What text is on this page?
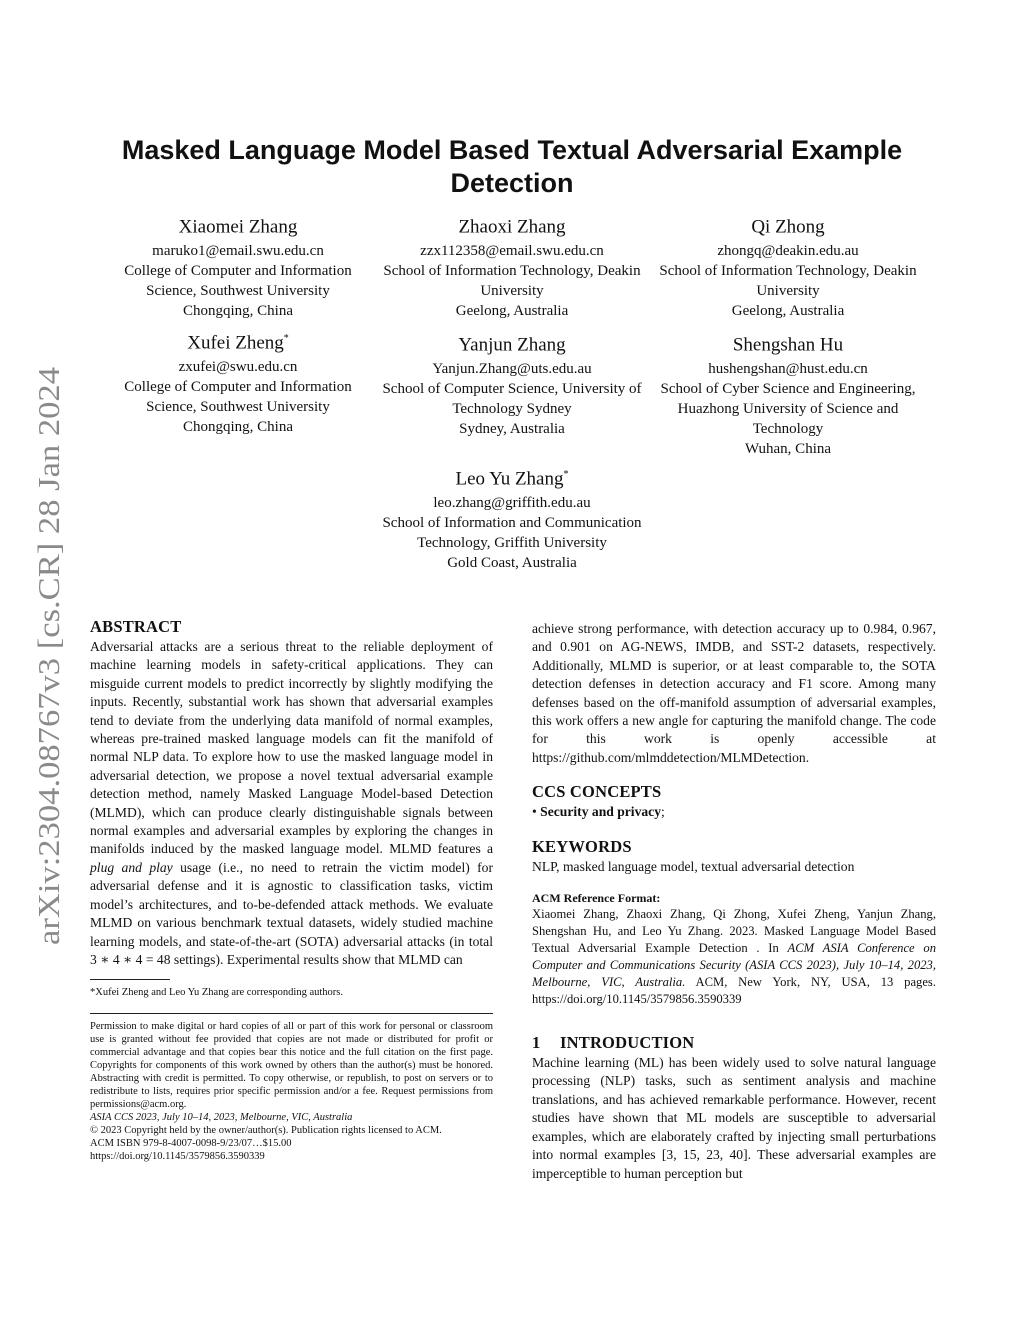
arXiv:2304.08767v3 [cs.CR] 28 Jan 2024
Masked Language Model Based Textual Adversarial Example Detection
Xiaomei Zhang
maruko1@email.swu.edu.cn
College of Computer and Information Science, Southwest University
Chongqing, China
Zhaoxi Zhang
zzx112358@email.swu.edu.cn
School of Information Technology, Deakin University
Geelong, Australia
Qi Zhong
zhongq@deakin.edu.au
School of Information Technology, Deakin University
Geelong, Australia
Xufei Zheng*
zxufei@swu.edu.cn
College of Computer and Information Science, Southwest University
Chongqing, China
Yanjun Zhang
Yanjun.Zhang@uts.edu.au
School of Computer Science, University of Technology Sydney
Sydney, Australia
Shengshan Hu
hushengshan@hust.edu.cn
School of Cyber Science and Engineering, Huazhong University of Science and Technology
Wuhan, China
Leo Yu Zhang*
leo.zhang@griffith.edu.au
School of Information and Communication Technology, Griffith University
Gold Coast, Australia
ABSTRACT
Adversarial attacks are a serious threat to the reliable deployment of machine learning models in safety-critical applications. They can misguide current models to predict incorrectly by slightly modifying the inputs. Recently, substantial work has shown that adversarial examples tend to deviate from the underlying data manifold of normal examples, whereas pre-trained masked language models can fit the manifold of normal NLP data. To explore how to use the masked language model in adversarial detection, we propose a novel textual adversarial example detection method, namely Masked Language Model-based Detection (MLMD), which can produce clearly distinguishable signals between normal examples and adversarial examples by exploring the changes in manifolds induced by the masked language model. MLMD features a plug and play usage (i.e., no need to retrain the victim model) for adversarial defense and it is agnostic to classification tasks, victim model’s architectures, and to-be-defended attack methods. We evaluate MLMD on various benchmark textual datasets, widely studied machine learning models, and state-of-the-art (SOTA) adversarial attacks (in total 3 ∗ 4 ∗ 4 = 48 settings). Experimental results show that MLMD can
*Xufei Zheng and Leo Yu Zhang are corresponding authors.
Permission to make digital or hard copies of all or part of this work for personal or classroom use is granted without fee provided that copies are not made or distributed for profit or commercial advantage and that copies bear this notice and the full citation on the first page. Copyrights for components of this work owned by others than the author(s) must be honored. Abstracting with credit is permitted. To copy otherwise, or republish, to post on servers or to redistribute to lists, requires prior specific permission and/or a fee. Request permissions from permissions@acm.org.
ASIA CCS 2023, July 10–14, 2023, Melbourne, VIC, Australia
© 2023 Copyright held by the owner/author(s). Publication rights licensed to ACM.
ACM ISBN 979-8-4007-0098-9/23/07…$15.00
https://doi.org/10.1145/3579856.3590339
achieve strong performance, with detection accuracy up to 0.984, 0.967, and 0.901 on AG-NEWS, IMDB, and SST-2 datasets, respectively. Additionally, MLMD is superior, or at least comparable to, the SOTA detection defenses in detection accuracy and F1 score. Among many defenses based on the off-manifold assumption of adversarial examples, this work offers a new angle for capturing the manifold change. The code for this work is openly accessible at https://github.com/mlmddetection/MLMDetection.
CCS CONCEPTS
• Security and privacy;
KEYWORDS
NLP, masked language model, textual adversarial detection
ACM Reference Format:
Xiaomei Zhang, Zhaoxi Zhang, Qi Zhong, Xufei Zheng, Yanjun Zhang, Shengshan Hu, and Leo Yu Zhang. 2023. Masked Language Model Based Textual Adversarial Example Detection . In ACM ASIA Conference on Computer and Communications Security (ASIA CCS 2023), July 10–14, 2023, Melbourne, VIC, Australia. ACM, New York, NY, USA, 13 pages. https://doi.org/10.1145/3579856.3590339
1 INTRODUCTION
Machine learning (ML) has been widely used to solve natural language processing (NLP) tasks, such as sentiment analysis and machine translations, and has achieved remarkable performance. However, recent studies have shown that ML models are susceptible to adversarial examples, which are elaborately crafted by injecting small perturbations into normal examples [3, 15, 23, 40]. These adversarial examples are imperceptible to human perception but
